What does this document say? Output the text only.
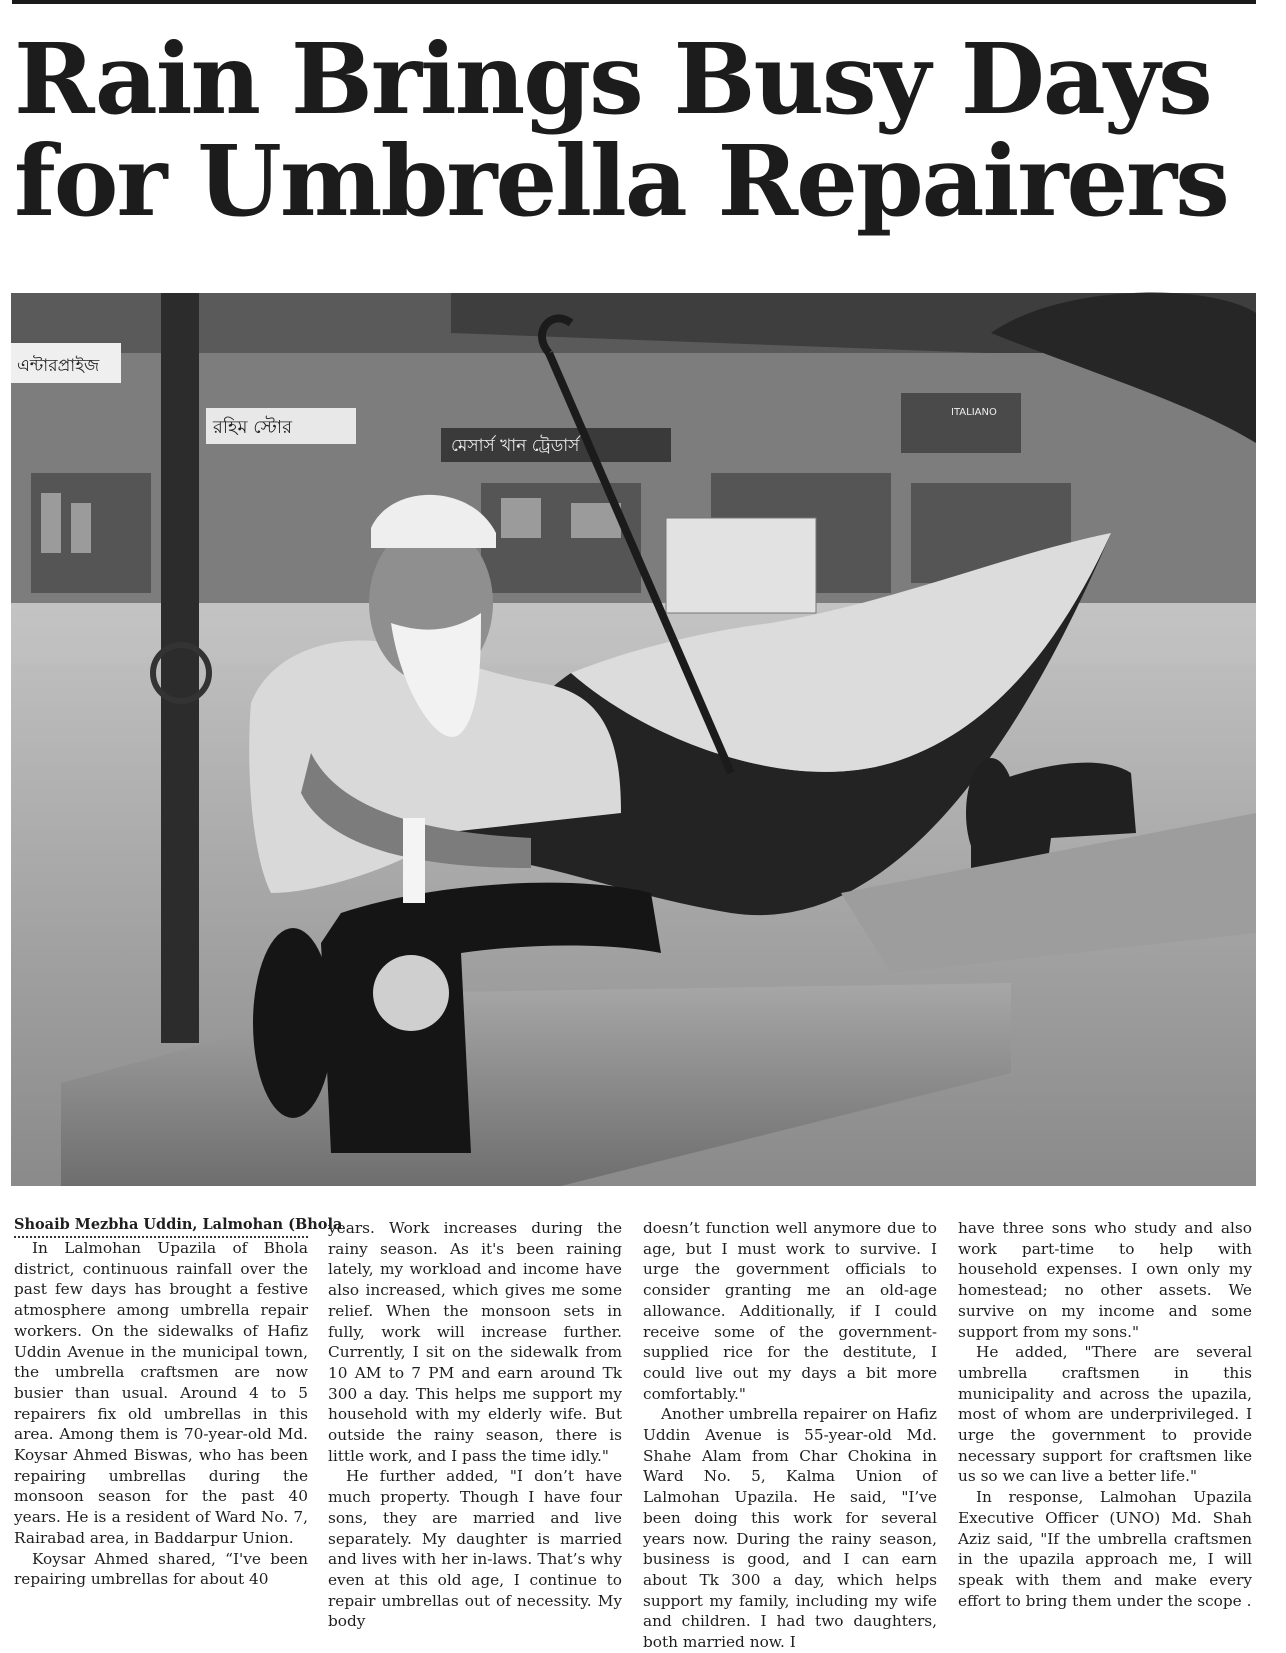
Rain Brings Busy Days
for Umbrella Repairers
এন্টারপ্রাইজ
রহিম স্টোর
মেসার্স খান ট্রেডার্স
ITALIANO
Shoaib Mezbha Uddin, Lalmohan (Bhola

In Lalmohan Upazila of Bhola district, continuous rainfall over the past few days has brought a festive atmosphere among umbrella repair workers. On the sidewalks of Hafiz Uddin Avenue in the municipal town, the umbrella craftsmen are now busier than usual. Around 4 to 5 repairers fix old umbrellas in this area. Among them is 70-year-old Md. Koysar Ahmed Biswas, who has been repairing umbrellas during the monsoon season for the past 40 years. He is a resident of Ward No. 7, Rairabad area, in Baddarpur Union.

Koysar Ahmed shared, “I've been repairing umbrellas for about 40

years. Work increases during the rainy season. As it's been raining lately, my workload and income have also increased, which gives me some relief. When the monsoon sets in fully, work will increase further. Currently, I sit on the sidewalk from 10 AM to 7 PM and earn around Tk 300 a day. This helps me support my household with my elderly wife. But outside the rainy season, there is little work, and I pass the time idly."

He further added, "I don’t have much property. Though I have four sons, they are married and live separately. My daughter is married and lives with her in-laws. That’s why even at this old age, I continue to repair umbrellas out of necessity. My body

doesn’t function well anymore due to age, but I must work to survive. I urge the government officials to consider granting me an old-age allowance. Additionally, if I could receive some of the government-supplied rice for the destitute, I could live out my days a bit more comfortably."

Another umbrella repairer on Hafiz Uddin Avenue is 55-year-old Md. Shahe Alam from Char Chokina in Ward No. 5, Kalma Union of Lalmohan Upazila. He said, "I’ve been doing this work for several years now. During the rainy season, business is good, and I can earn about Tk 300 a day, which helps support my family, including my wife and children. I had two daughters, both married now. I

have three sons who study and also work part-time to help with household expenses. I own only my homestead; no other assets. We survive on my income and some support from my sons."

He added, "There are several umbrella craftsmen in this municipality and across the upazila, most of whom are underprivileged. I urge the government to provide necessary support for craftsmen like us so we can live a better life."

In response, Lalmohan Upazila Executive Officer (UNO) Md. Shah Aziz said, "If the umbrella craftsmen in the upazila approach me, I will speak with them and make every effort to bring them under the scope .
